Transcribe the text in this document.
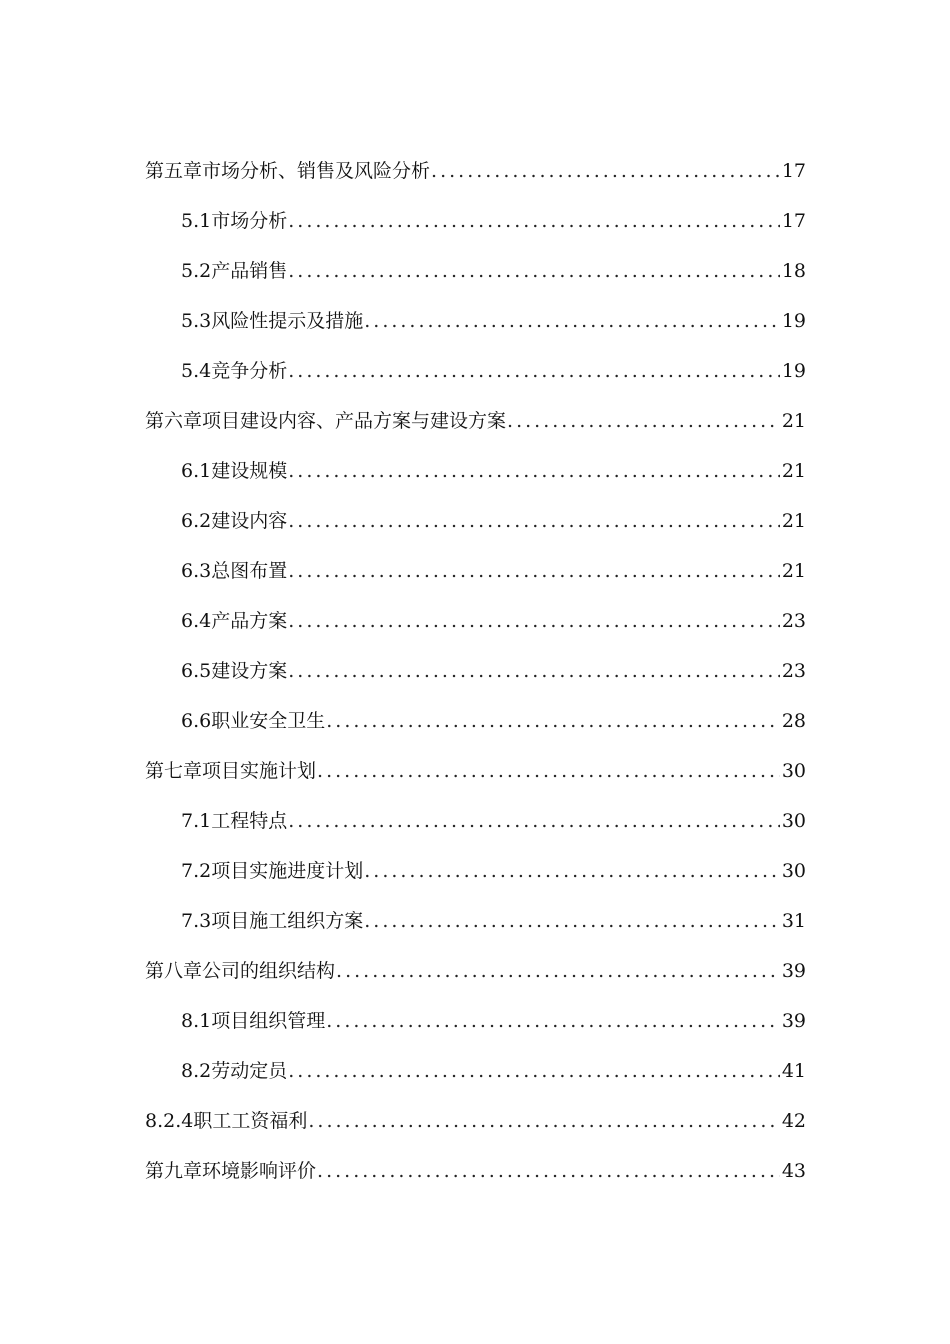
第五章 市场分析、销售及风险分析 .....	17
5.1 市场分析 .....	17
5.2 产品销售 .....	18
5.3 风险性提示及措施 .....	19
5.4 竞争分析 .....	19
第六章 项目建设内容、产品方案与建设方案 .....	21
6.1 建设规模 .....	21
6.2 建设内容 .....	21
6.3 总图布置 .....	21
6.4 产品方案 .....	23
6.5 建设方案 .....	23
6.6 职业安全卫生 .....	28
第七章 项目实施计划 .....	30
7.1 工程特点 .....	30
7.2 项目实施进度计划 .....	30
7.3 项目施工组织方案 .....	31
第八章 公司的组织结构 .....	39
8.1 项目组织管理 .....	39
8.2 劳动定员 .....	41
8.2.4 职工工资福利 .....	42
第九章 环境影响评价 .....	43
